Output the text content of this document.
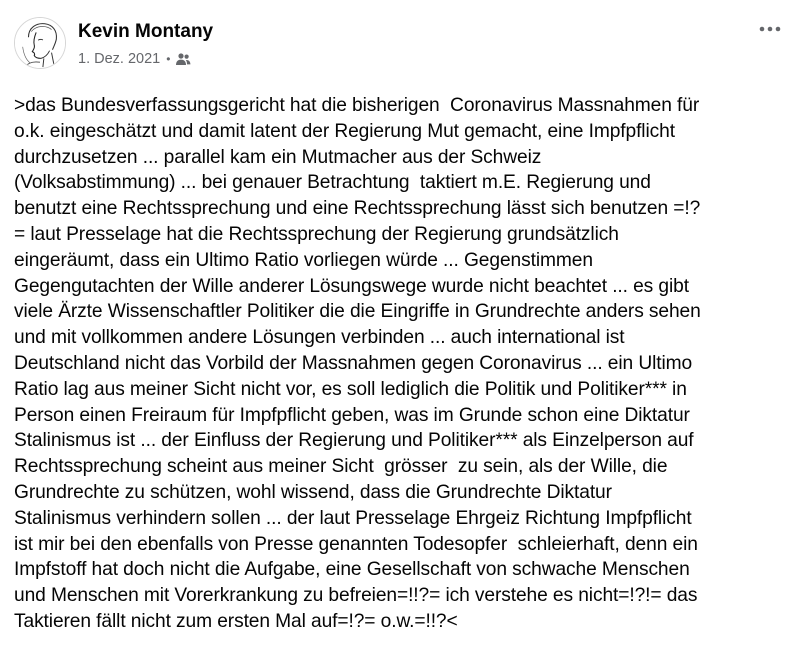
Kevin Montany
1. Dez. 2021 •
>das Bundesverfassungsgericht hat die bisherigen  Coronavirus Massnahmen für
o.k. eingeschätzt und damit latent der Regierung Mut gemacht, eine Impfpflicht
durchzusetzen ... parallel kam ein Mutmacher aus der Schweiz
(Volksabstimmung) ... bei genauer Betrachtung  taktiert m.E. Regierung und
benutzt eine Rechtssprechung und eine Rechtssprechung lässt sich benutzen =!?
= laut Presselage hat die Rechtssprechung der Regierung grundsätzlich
eingeräumt, dass ein Ultimo Ratio vorliegen würde ... Gegenstimmen
Gegengutachten der Wille anderer Lösungswege wurde nicht beachtet ... es gibt
viele Ärzte Wissenschaftler Politiker die die Eingriffe in Grundrechte anders sehen
und mit vollkommen andere Lösungen verbinden ... auch international ist
Deutschland nicht das Vorbild der Massnahmen gegen Coronavirus ... ein Ultimo
Ratio lag aus meiner Sicht nicht vor, es soll lediglich die Politik und Politiker*** in
Person einen Freiraum für Impfpflicht geben, was im Grunde schon eine Diktatur
Stalinismus ist ... der Einfluss der Regierung und Politiker*** als Einzelperson auf
Rechtssprechung scheint aus meiner Sicht  grösser  zu sein, als der Wille, die
Grundrechte zu schützen, wohl wissend, dass die Grundrechte Diktatur
Stalinismus verhindern sollen ... der laut Presselage Ehrgeiz Richtung Impfpflicht
ist mir bei den ebenfalls von Presse genannten Todesopfer  schleierhaft, denn ein
Impfstoff hat doch nicht die Aufgabe, eine Gesellschaft von schwache Menschen
und Menschen mit Vorerkrankung zu befreien=!!?= ich verstehe es nicht=!?!= das
Taktieren fällt nicht zum ersten Mal auf=!?= o.w.=!!?<
